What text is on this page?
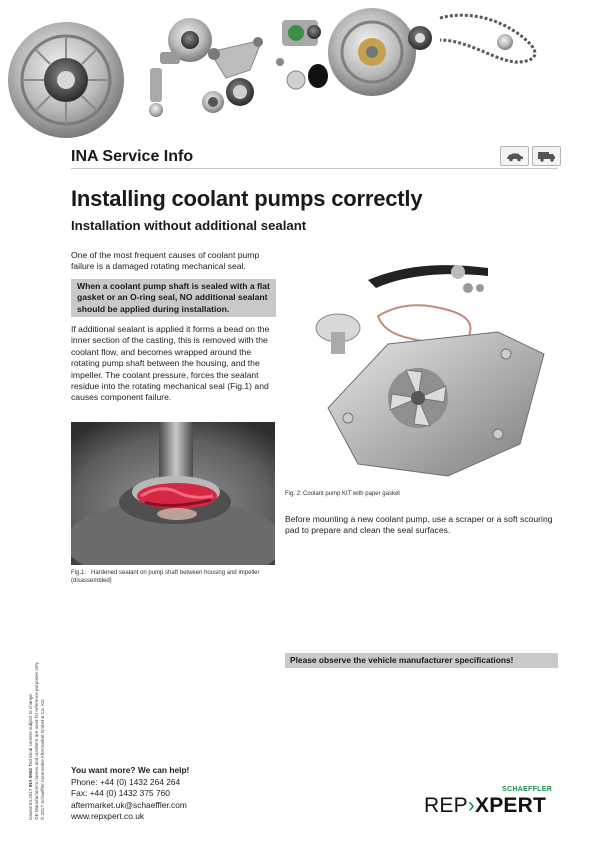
INA Service Info
Installing coolant pumps correctly
Installation without additional sealant
One of the most frequent causes of coolant pump failure is a damaged rotating mechanical seal.
When a coolant pump shaft is sealed with a flat gasket or an O-ring seal, NO additional sealant should be applied during installation.
If additional sealant is applied it forms a bead on the inner section of the casting, this is removed with the coolant flow, and becomes wrapped around the rotating pump shaft between the housing, and the impeller. The coolant pressure, forces the sealant residue into the rotating mechanical seal (Fig.1) and causes component failure.
Fig.1: Hardened sealant on pump shaft between housing and impeller (disassembled)
Fig. 2:Coolant pump KIT with paper gasket
Before mounting a new coolant pump, use a scraper or a soft scouring pad to prepare and clean the seal surfaces.
Please observe the vehicle manufacturer specifications!
Issued 04.2017 INA 0962 Technical content subject to change OE Manufacturer's names and numbers are used for reference purposes only © 2017 Schaeffler Automotive Aftermarket GmbH & Co. KG	You want more? We can help!
Phone: +44 (0) 1432 264 264
Fax: +44 (0) 1432 375 760
aftermarket.uk@schaeffler.com
www.repxpert.co.uk
SCHAEFFLER
REP›XPERT
